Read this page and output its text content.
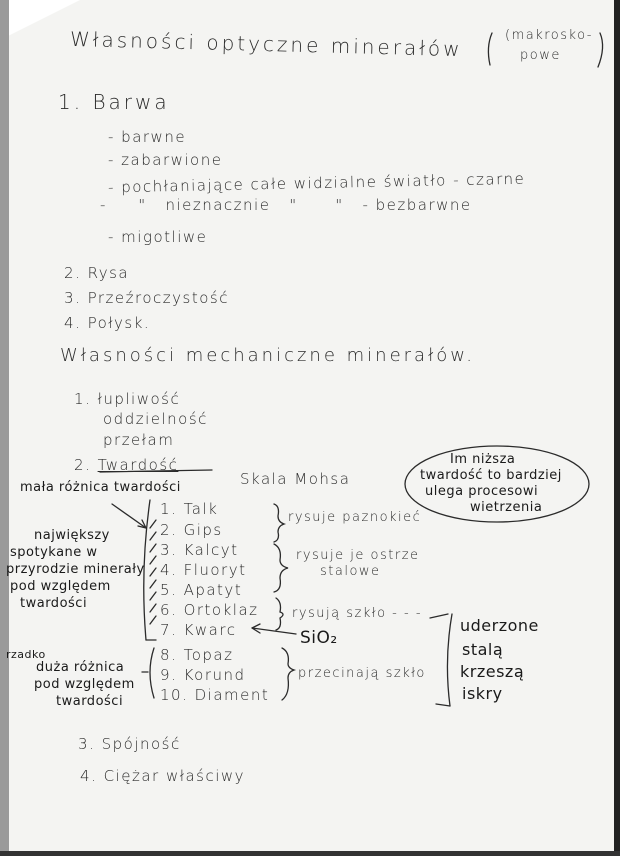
Własności optyczne minerałów	(makrosko-
powe
1. Barwa
- barwne
- zabarwione
- pochłaniające całe widzialne światło - czarne
-     "   nieznacznie   "      "   - bezbarwne
- migotliwe
2. Rysa
3. Przeźroczystość
4. Połysk.
Własności mechaniczne minerałów.
1. łupliwość
oddzielność
przełam
2. Twardość
Skala Mohsa
Im niższa
twardość to bardziej
ulega procesowi
wietrzenia
mała różnica twardości
największy
spotykane w
przyrodzie minerały
pod względem
twardości
rzadko
duża różnica
pod względem
twardości
1. Talk
2. Gips
3. Kalcyt
4. Fluoryt
5. Apatyt
6. Ortoklaz
7. Kwarc
8. Topaz
9. Korund
10. Diament
rysuje paznokieć
rysuje je ostrze
stalowe
rysują szkło - - -
SiO₂
przecinają szkło
uderzone
stalą
krzeszą
iskry
3. Spójność
4. Ciężar właściwy
